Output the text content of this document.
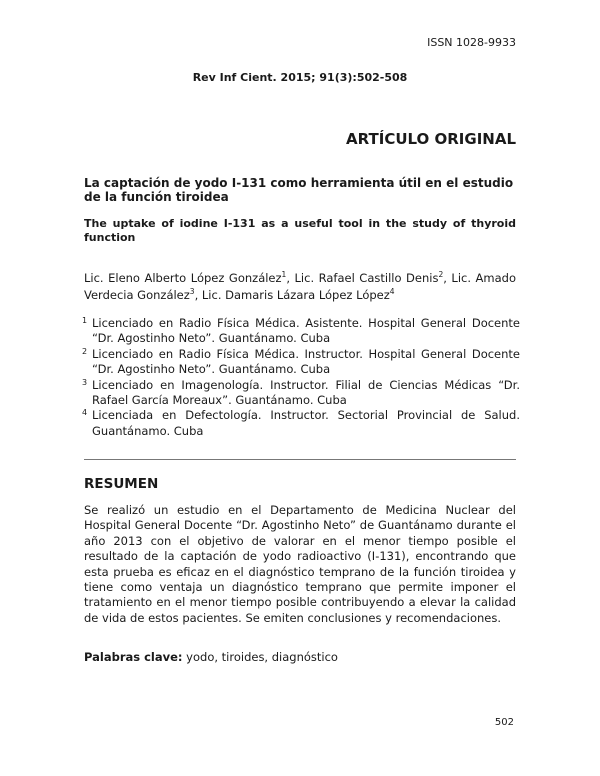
ISSN 1028-9933
Rev Inf Cient. 2015; 91(3):502-508
ARTÍCULO ORIGINAL
La captación de yodo I-131 como herramienta útil en el estudio de la función tiroidea
The uptake of iodine I-131 as a useful tool in the study of thyroid function
Lic. Eleno Alberto López González$^1$, Lic. Rafael Castillo Denis$^2$, Lic. Amado Verdecia González$^3$, Lic. Damaris Lázara López López$^4$
1 Licenciado en Radio Física Médica. Asistente. Hospital General Docente “Dr. Agostinho Neto”. Guantánamo. Cuba
2 Licenciado en Radio Física Médica. Instructor. Hospital General Docente “Dr. Agostinho Neto”. Guantánamo. Cuba
3 Licenciado en Imagenología. Instructor. Filial de Ciencias Médicas “Dr. Rafael García Moreaux”. Guantánamo. Cuba
4 Licenciada en Defectología. Instructor. Sectorial Provincial de Salud. Guantánamo. Cuba
RESUMEN

Se realizó un estudio en el Departamento de Medicina Nuclear del Hospital General Docente “Dr. Agostinho Neto” de Guantánamo durante el año 2013 con el objetivo de valorar en el menor tiempo posible el resultado de la captación de yodo radioactivo (I-131), encontrando que esta prueba es eficaz en el diagnóstico temprano de la función tiroidea y tiene como ventaja un diagnóstico temprano que permite imponer el tratamiento en el menor tiempo posible contribuyendo a elevar la calidad de vida de estos pacientes. Se emiten conclusiones y recomendaciones.

Palabras clave: yodo, tiroides, diagnóstico
502
